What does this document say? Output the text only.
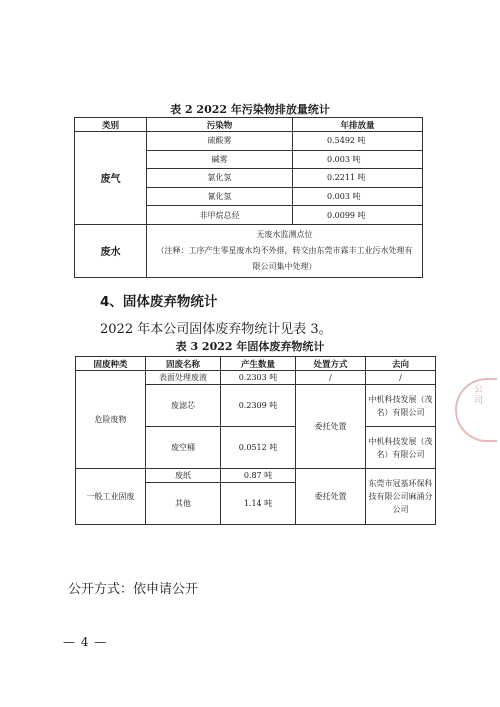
表 2 2022 年污染物排放量统计
类别	污染物	年排放量
废气	硫酸雾	0.5492 吨
	碱雾	0.003 吨
	氯化氢	0.2211 吨
	氰化氢	0.003 吨
	非甲烷总烃	0.0099 吨
废水	无废水监测点位
（注释：工序产生零星废水均不外排，转交由东莞市霖丰工业污水处理有限公司集中处理）	
4、固体废弃物统计
2022 年本公司固体废弃物统计见表 3。
表 3 2022 年固体废弃物统计
固废种类	固废名称	产生数量	处置方式	去向
危险废物	表面处理废液	0.2303 吨	/	/
	废滤芯	0.2309 吨	委托处置	中机科技发展（茂名）有限公司
	废空桶	0.0512 吨		中机科技发展（茂名）有限公司
一般工业固废	废纸	0.87 吨	委托处置	东莞市冠基环保科技有限公司麻涌分公司
	其他	1.14 吨		
公司
公开方式：依申请公开
— 4 —
